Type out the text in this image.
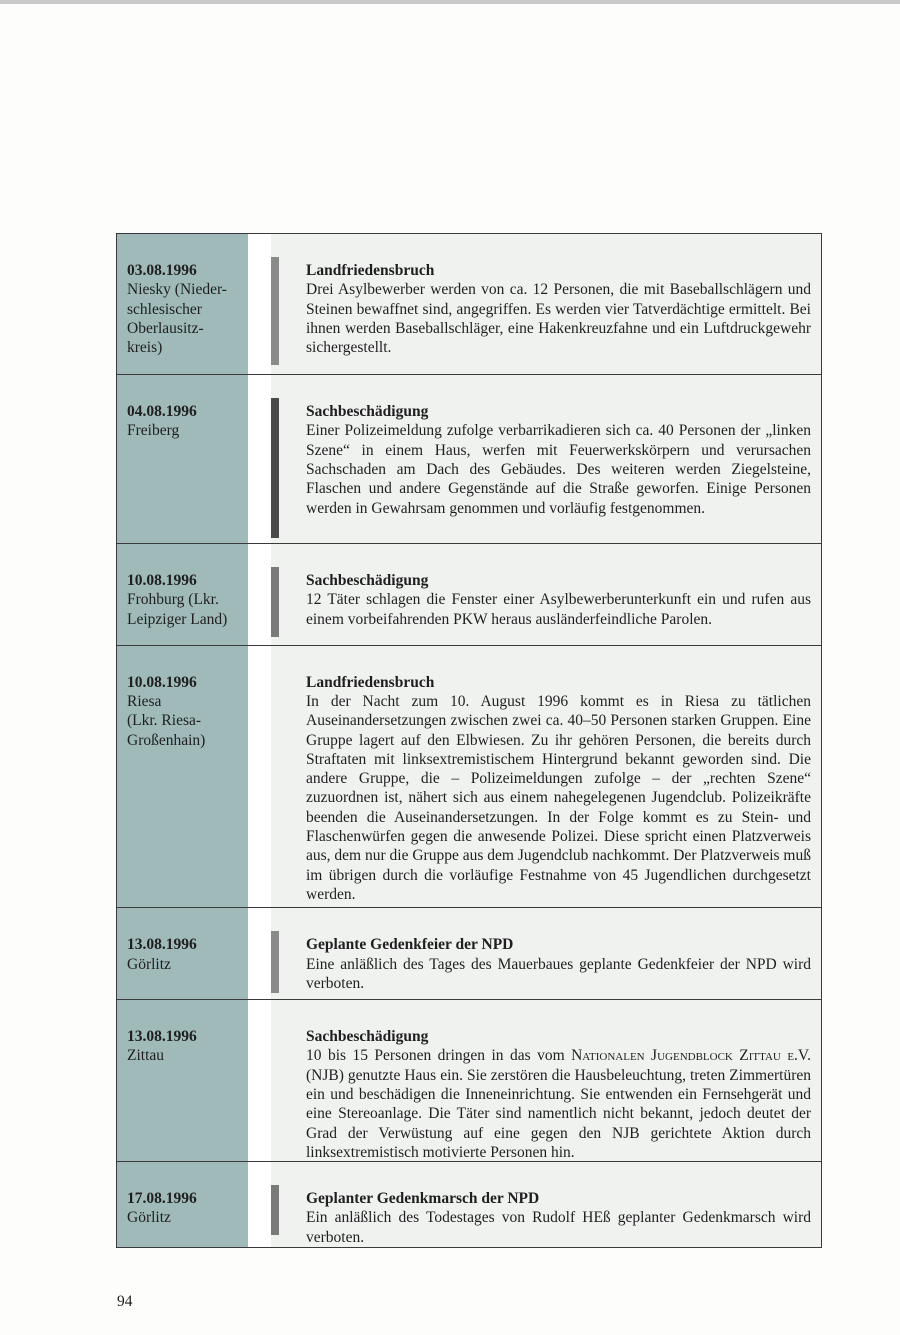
03.08.1996
Niesky (Nieder-
schlesischer
Oberlausitz-
kreis)
Landfriedensbruch
Drei Asylbewerber werden von ca. 12 Personen, die mit Baseballschlägern und Steinen bewaffnet sind, angegriffen. Es werden vier Tatverdächtige ermittelt. Bei ihnen werden Baseballschläger, eine Hakenkreuzfahne und ein Luftdruckgewehr sichergestellt.
04.08.1996
Freiberg
Sachbeschädigung
Einer Polizeimeldung zufolge verbarrikadieren sich ca. 40 Personen der „linken Szene“ in einem Haus, werfen mit Feuerwerkskörpern und verursachen Sachschaden am Dach des Gebäudes. Des weiteren werden Ziegelsteine, Flaschen und andere Gegenstände auf die Straße geworfen. Einige Personen werden in Gewahrsam genommen und vorläufig festgenommen.
10.08.1996
Frohburg (Lkr.
Leipziger Land)
Sachbeschädigung
12 Täter schlagen die Fenster einer Asylbewerberunterkunft ein und rufen aus einem vorbeifahrenden PKW heraus ausländerfeindliche Parolen.
10.08.1996
Riesa
(Lkr. Riesa-
Großenhain)
Landfriedensbruch
In der Nacht zum 10. August 1996 kommt es in Riesa zu tätlichen Auseinandersetzungen zwischen zwei ca. 40–50 Personen starken Gruppen. Eine Gruppe lagert auf den Elbwiesen. Zu ihr gehören Personen, die bereits durch Straftaten mit linksextremistischem Hintergrund bekannt geworden sind. Die andere Gruppe, die – Polizeimeldungen zufolge – der „rechten Szene“ zuzuordnen ist, nähert sich aus einem nahegelegenen Jugendclub. Polizeikräfte beenden die Auseinandersetzungen. In der Folge kommt es zu Stein- und Flaschenwürfen gegen die anwesende Polizei. Diese spricht einen Platzverweis aus, dem nur die Gruppe aus dem Jugendclub nachkommt. Der Platzverweis muß im übrigen durch die vorläufige Festnahme von 45 Jugendlichen durchgesetzt werden.
13.08.1996
Görlitz
Geplante Gedenkfeier der NPD
Eine anläßlich des Tages des Mauerbaues geplante Gedenkfeier der NPD wird verboten.
13.08.1996
Zittau
Sachbeschädigung
10 bis 15 Personen dringen in das vom Nationalen Jugendblock Zittau e.V. (NJB) genutzte Haus ein. Sie zerstören die Hausbeleuchtung, treten Zimmertüren ein und beschädigen die Inneneinrichtung. Sie entwenden ein Fernsehgerät und eine Stereoanlage. Die Täter sind namentlich nicht bekannt, jedoch deutet der Grad der Verwüstung auf eine gegen den NJB gerichtete Aktion durch linksextremistisch motivierte Personen hin.
17.08.1996
Görlitz
Geplanter Gedenkmarsch der NPD
Ein anläßlich des Todestages von Rudolf HEß geplanter Gedenkmarsch wird verboten.
94
